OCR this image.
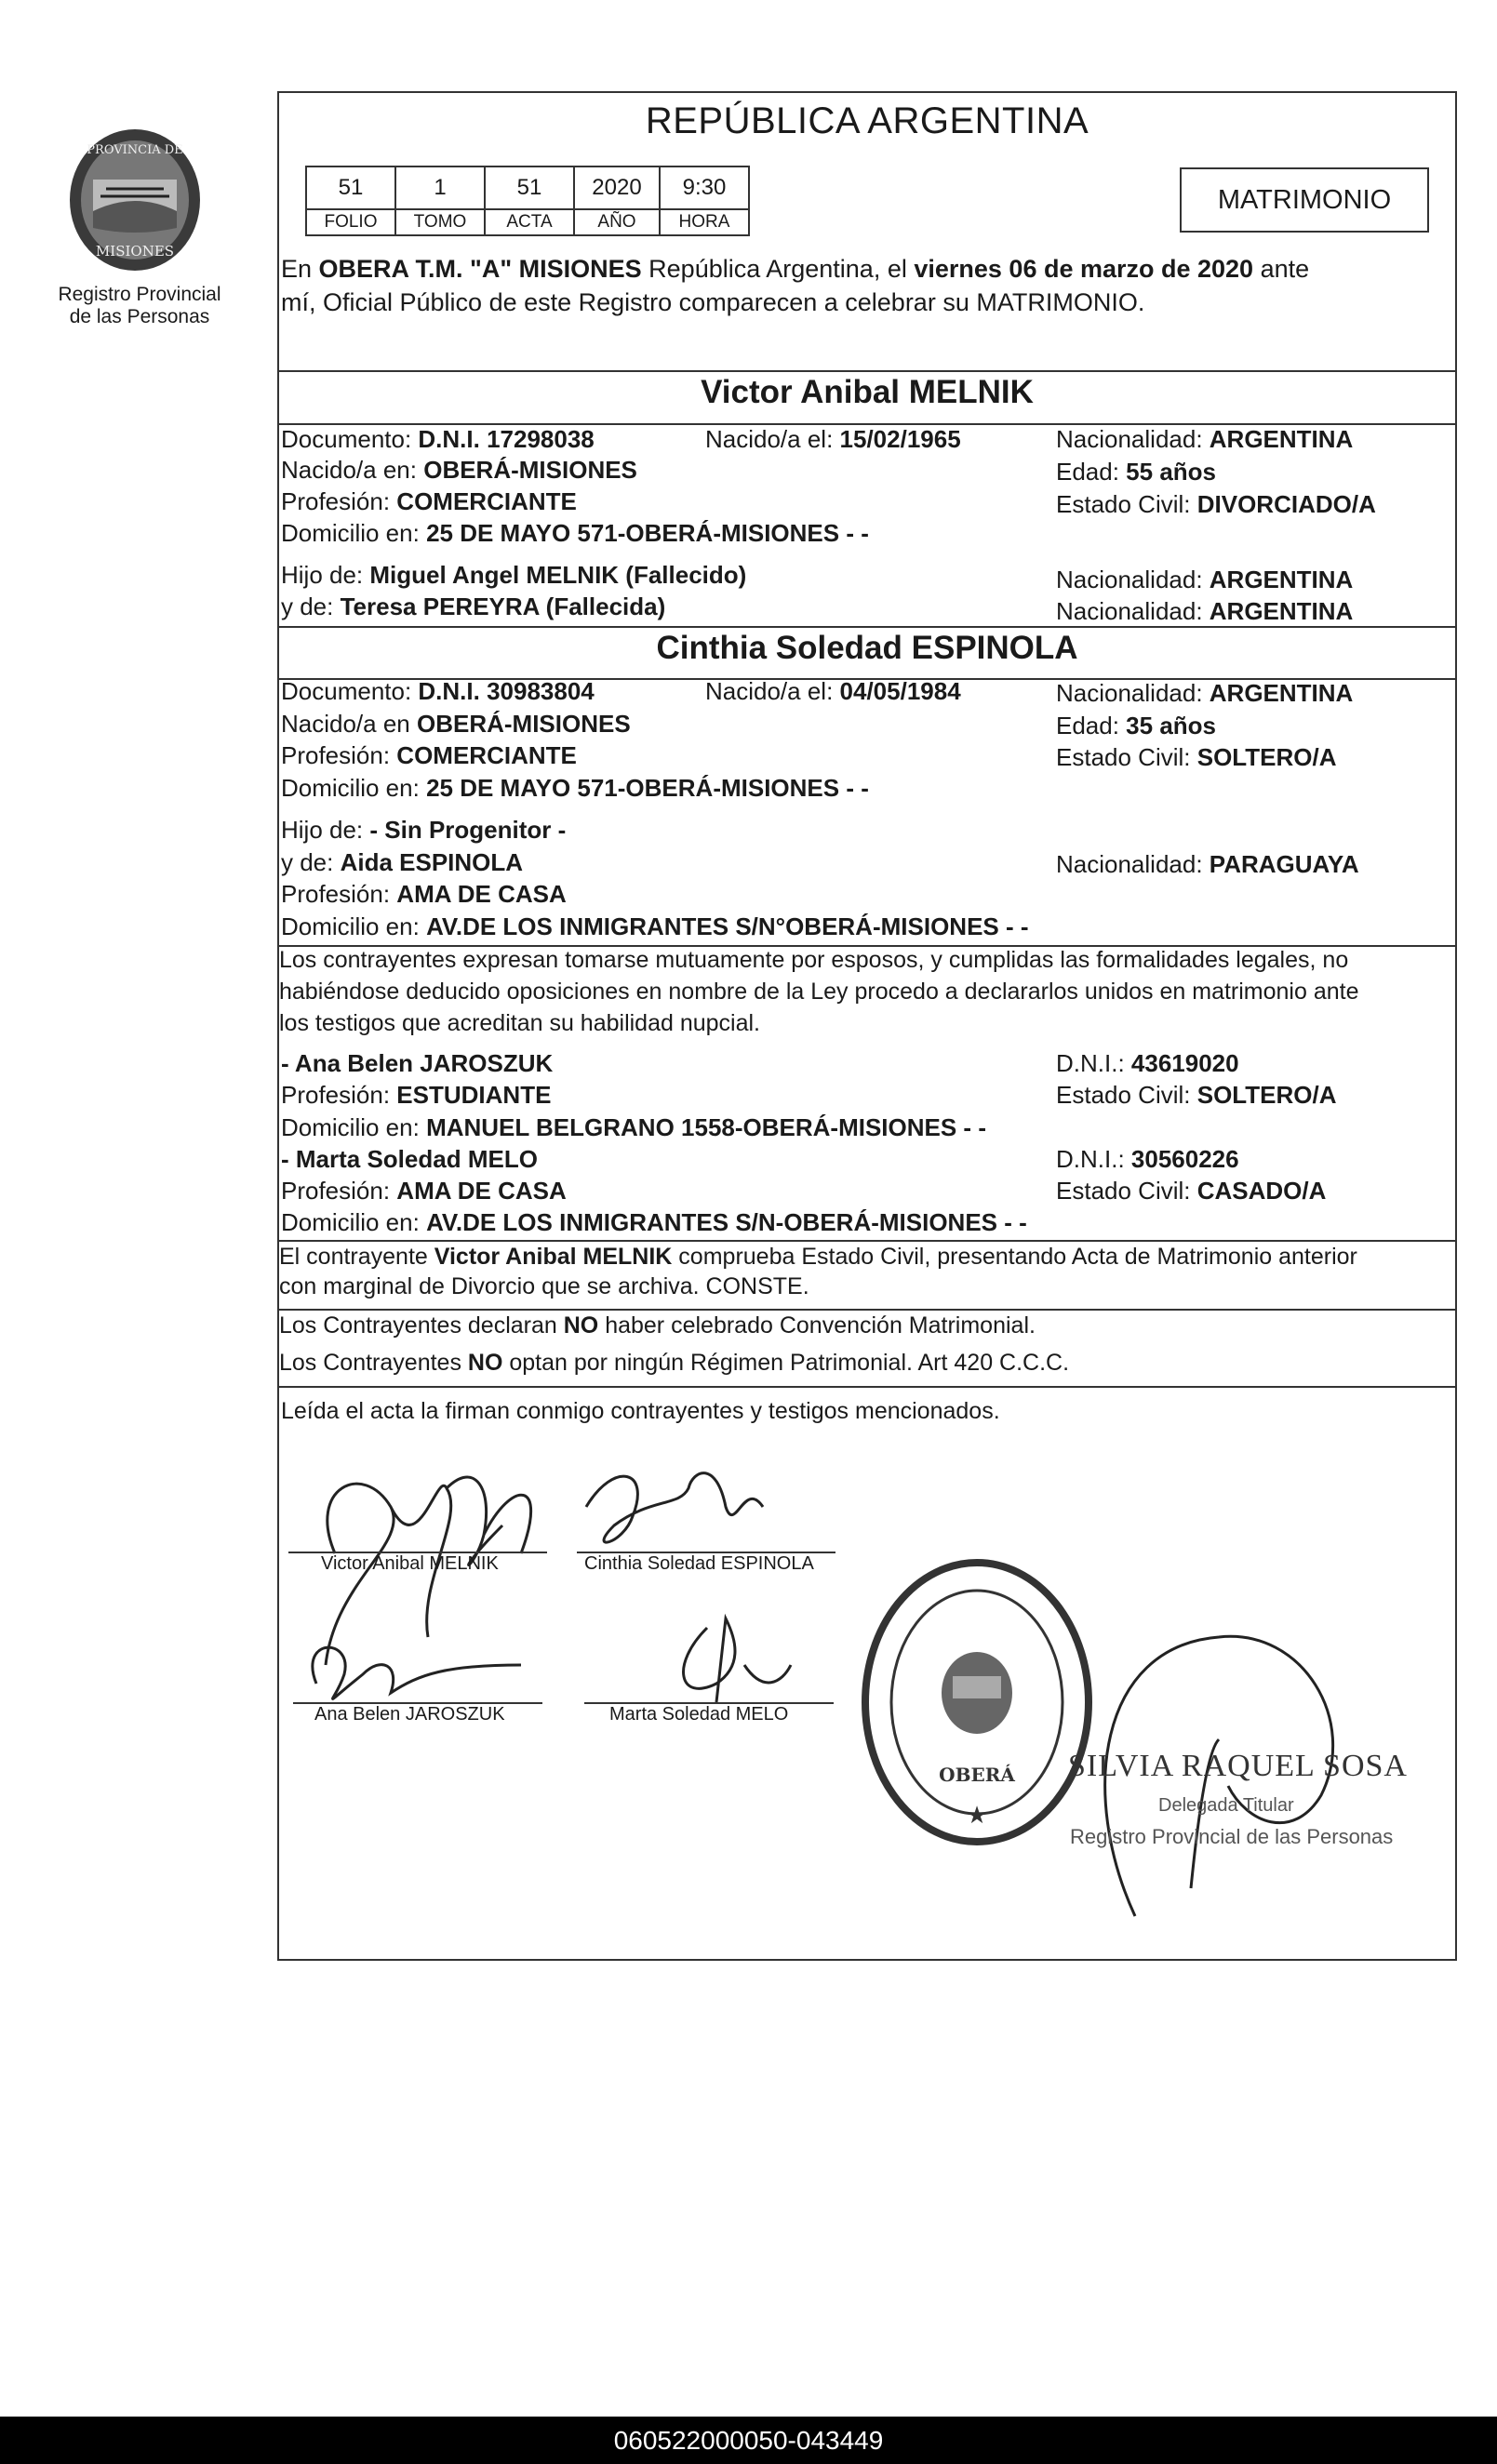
PROVINCIA DE
MISIONES
Registro Provincial
de las Personas
REPÚBLICA ARGENTINA
51	1	51	2020	9:30
FOLIO	TOMO	ACTA	AÑO	HORA
MATRIMONIO
En OBERA T.M. "A" MISIONES República Argentina, el viernes 06 de marzo de 2020 ante
mí, Oficial Público de este Registro comparecen a celebrar su MATRIMONIO.
Victor Anibal MELNIK
Documento: D.N.I. 17298038	Nacido/a el: 15/02/1965	Nacionalidad: ARGENTINA
Nacido/a en: OBERÁ-MISIONES	Edad: 55 años
Profesión: COMERCIANTE	Estado Civil: DIVORCIADO/A
Domicilio en: 25 DE MAYO 571-OBERÁ-MISIONES - -
Hijo de: Miguel Angel MELNIK (Fallecido)	Nacionalidad: ARGENTINA
y de: Teresa PEREYRA (Fallecida)	Nacionalidad: ARGENTINA
Cinthia Soledad ESPINOLA
Documento: D.N.I. 30983804	Nacido/a el: 04/05/1984	Nacionalidad: ARGENTINA
Nacido/a en OBERÁ-MISIONES	Edad: 35 años
Profesión: COMERCIANTE	Estado Civil: SOLTERO/A
Domicilio en: 25 DE MAYO 571-OBERÁ-MISIONES - -
Hijo de: - Sin Progenitor -
y de: Aida ESPINOLA	Nacionalidad: PARAGUAYA
Profesión: AMA DE CASA
Domicilio en: AV.DE LOS INMIGRANTES S/N°OBERÁ-MISIONES - -
Los contrayentes expresan tomarse mutuamente por esposos, y cumplidas las formalidades legales, no
habiéndose deducido oposiciones en nombre de la Ley procedo a declararlos unidos en matrimonio ante
los testigos que acreditan su habilidad nupcial.
- Ana Belen JAROSZUK	D.N.I.: 43619020
Profesión: ESTUDIANTE	Estado Civil: SOLTERO/A
Domicilio en: MANUEL BELGRANO 1558-OBERÁ-MISIONES - -
- Marta Soledad MELO	D.N.I.: 30560226
Profesión: AMA DE CASA	Estado Civil: CASADO/A
Domicilio en: AV.DE LOS INMIGRANTES S/N-OBERÁ-MISIONES - -
El contrayente Victor Anibal MELNIK comprueba Estado Civil, presentando Acta de Matrimonio anterior
con marginal de Divorcio que se archiva. CONSTE.
Los Contrayentes declaran NO haber celebrado Convención Matrimonial.
Los Contrayentes NO optan por ningún Régimen Patrimonial. Art 420 C.C.C.
Leída el acta la firman conmigo contrayentes y testigos mencionados.
Victor Anibal MELNIK	Cinthia Soledad ESPINOLA
Ana Belen JAROSZUK	Marta Soledad MELO
OBERÁ
★
SILVIA RAQUEL SOSA
Delegada Titular
Registro Provincial de las Personas
060522000050-043449
